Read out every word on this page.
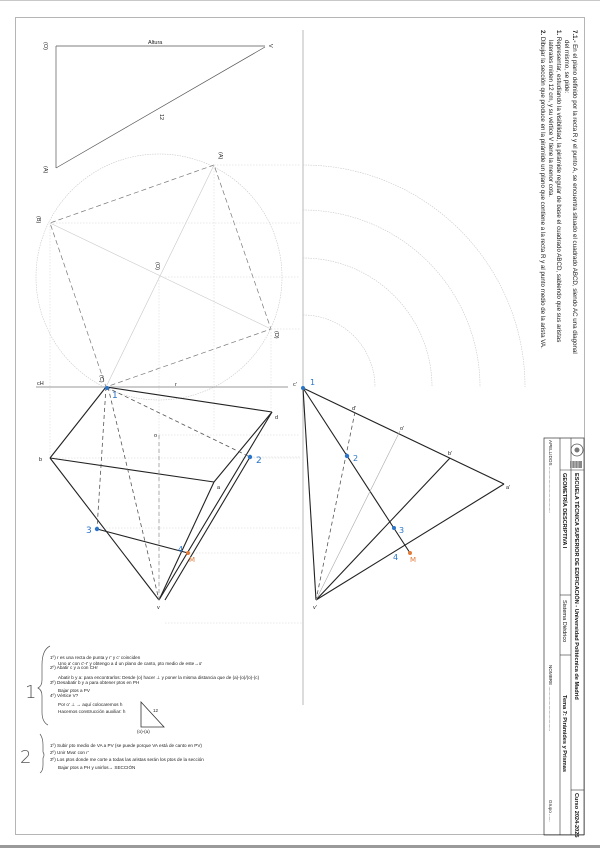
7.1.- En el plano definido por la recta R y el punto A, se encuentra situado el cuadrado ABCD, siendo AC una diagonal
del mismo, se pide:
1. Representar, estudiando la visibilidad, la pirámide regular de base el cuadrado ABCD, sabiendo que sus aristas
laterales miden 12 cm, y su vértice V tiene la menor cota.
2. Dibujar la sección que produce en la pirámide un plano que contiene a la recta R y al punto medio de la arista VA.
ESCUELA TÉCNICA SUPERIOR DE EDIFICACIÓN - Universidad Politécnica de Madrid
Curso 2024-2025
GEOMETRÍA DESCRIPTIVA I
Sistema Diédrico
Tema 7: Pirámides y Prismas
APELLIDOS ....................................
NOMBRE ...................................
Grupo ......
Altura
12
(O)
(A)
V
(A)
(B)
(O)
(D)
(C)
cH	r
b
d
a
o
v
1
2
3
4
M
d'
o'
b'
a'
v'
c' 1
2
3
4 M
1
1º) r es una recta de punta y r' y c' coinciden
Uno a' con c'-r' y obtengo a d un plano de canto, pto medio de este→o'
2º) Abatir c y a con CHr
Abatir b y a: para encontrarlos: Desde (o) hacer ⊥ y poner la misma distancia que de (a)-(o)/(o)-(c)
3º) Desabatir b y a para obtener ptos en PH
Bajar ptos a PV
4º) Vértice V?
Por o' ⊥ → aquí colocaremos h
Hacemos construcción auxiliar: h	12
(o)-(a)
2
1º) Subir pto medio de VA a PV (se puede porque VA está de canto en PV)
2º) Unir Mva' con r'
3º) Los ptos donde me corte a todas las aristas serán los ptos de la sección
Bajar ptos a PH y unirlos→ SECCIÓN
